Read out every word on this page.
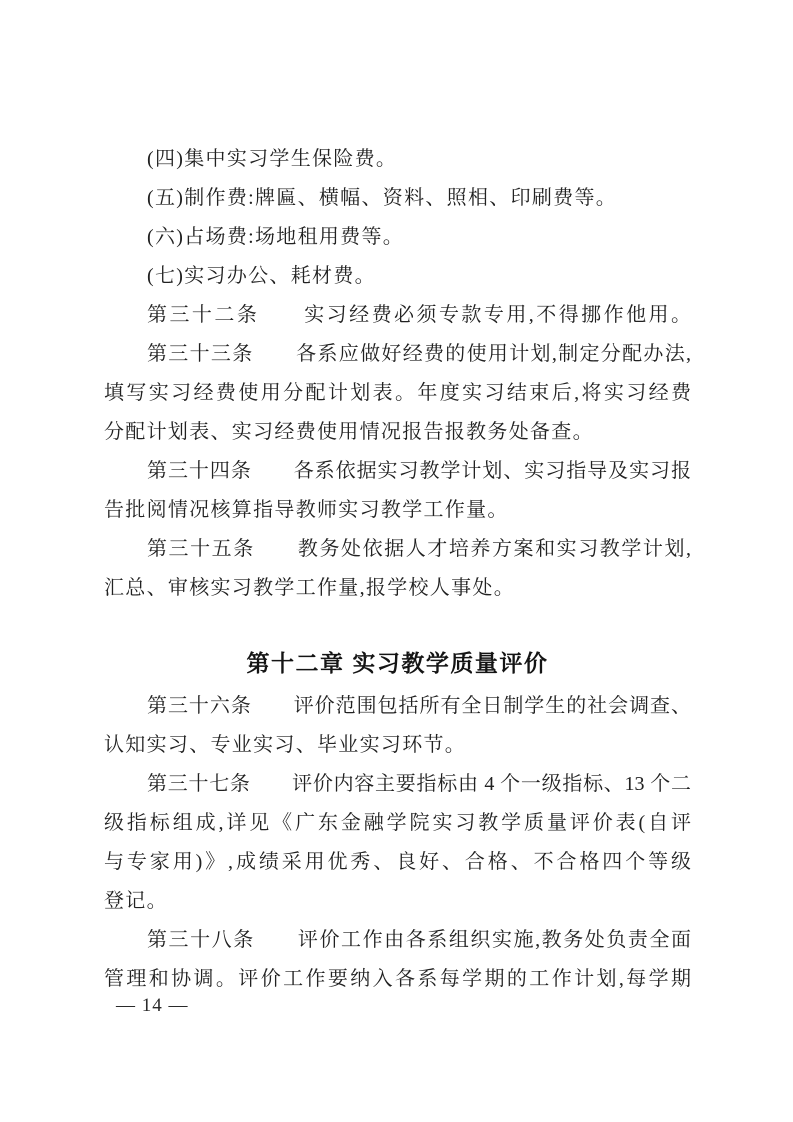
(四)集中实习学生保险费。
(五)制作费:牌匾、横幅、资料、照相、印刷费等。
(六)占场费:场地租用费等。
(七)实习办公、耗材费。
第三十二条　　实习经费必须专款专用,不得挪作他用。
第三十三条　　各系应做好经费的使用计划,制定分配办法,
填写实习经费使用分配计划表。年度实习结束后,将实习经费
分配计划表、实习经费使用情况报告报教务处备查。
第三十四条　　各系依据实习教学计划、实习指导及实习报
告批阅情况核算指导教师实习教学工作量。
第三十五条　　教务处依据人才培养方案和实习教学计划,
汇总、审核实习教学工作量,报学校人事处。
第十二章 实习教学质量评价
第三十六条　　评价范围包括所有全日制学生的社会调查、
认知实习、专业实习、毕业实习环节。
第三十七条　　评价内容主要指标由 4 个一级指标、13 个二
级指标组成,详见《广东金融学院实习教学质量评价表(自评
与专家用)》,成绩采用优秀、良好、合格、不合格四个等级
登记。
第三十八条　　评价工作由各系组织实施,教务处负责全面
管理和协调。评价工作要纳入各系每学期的工作计划,每学期
— 14 —
